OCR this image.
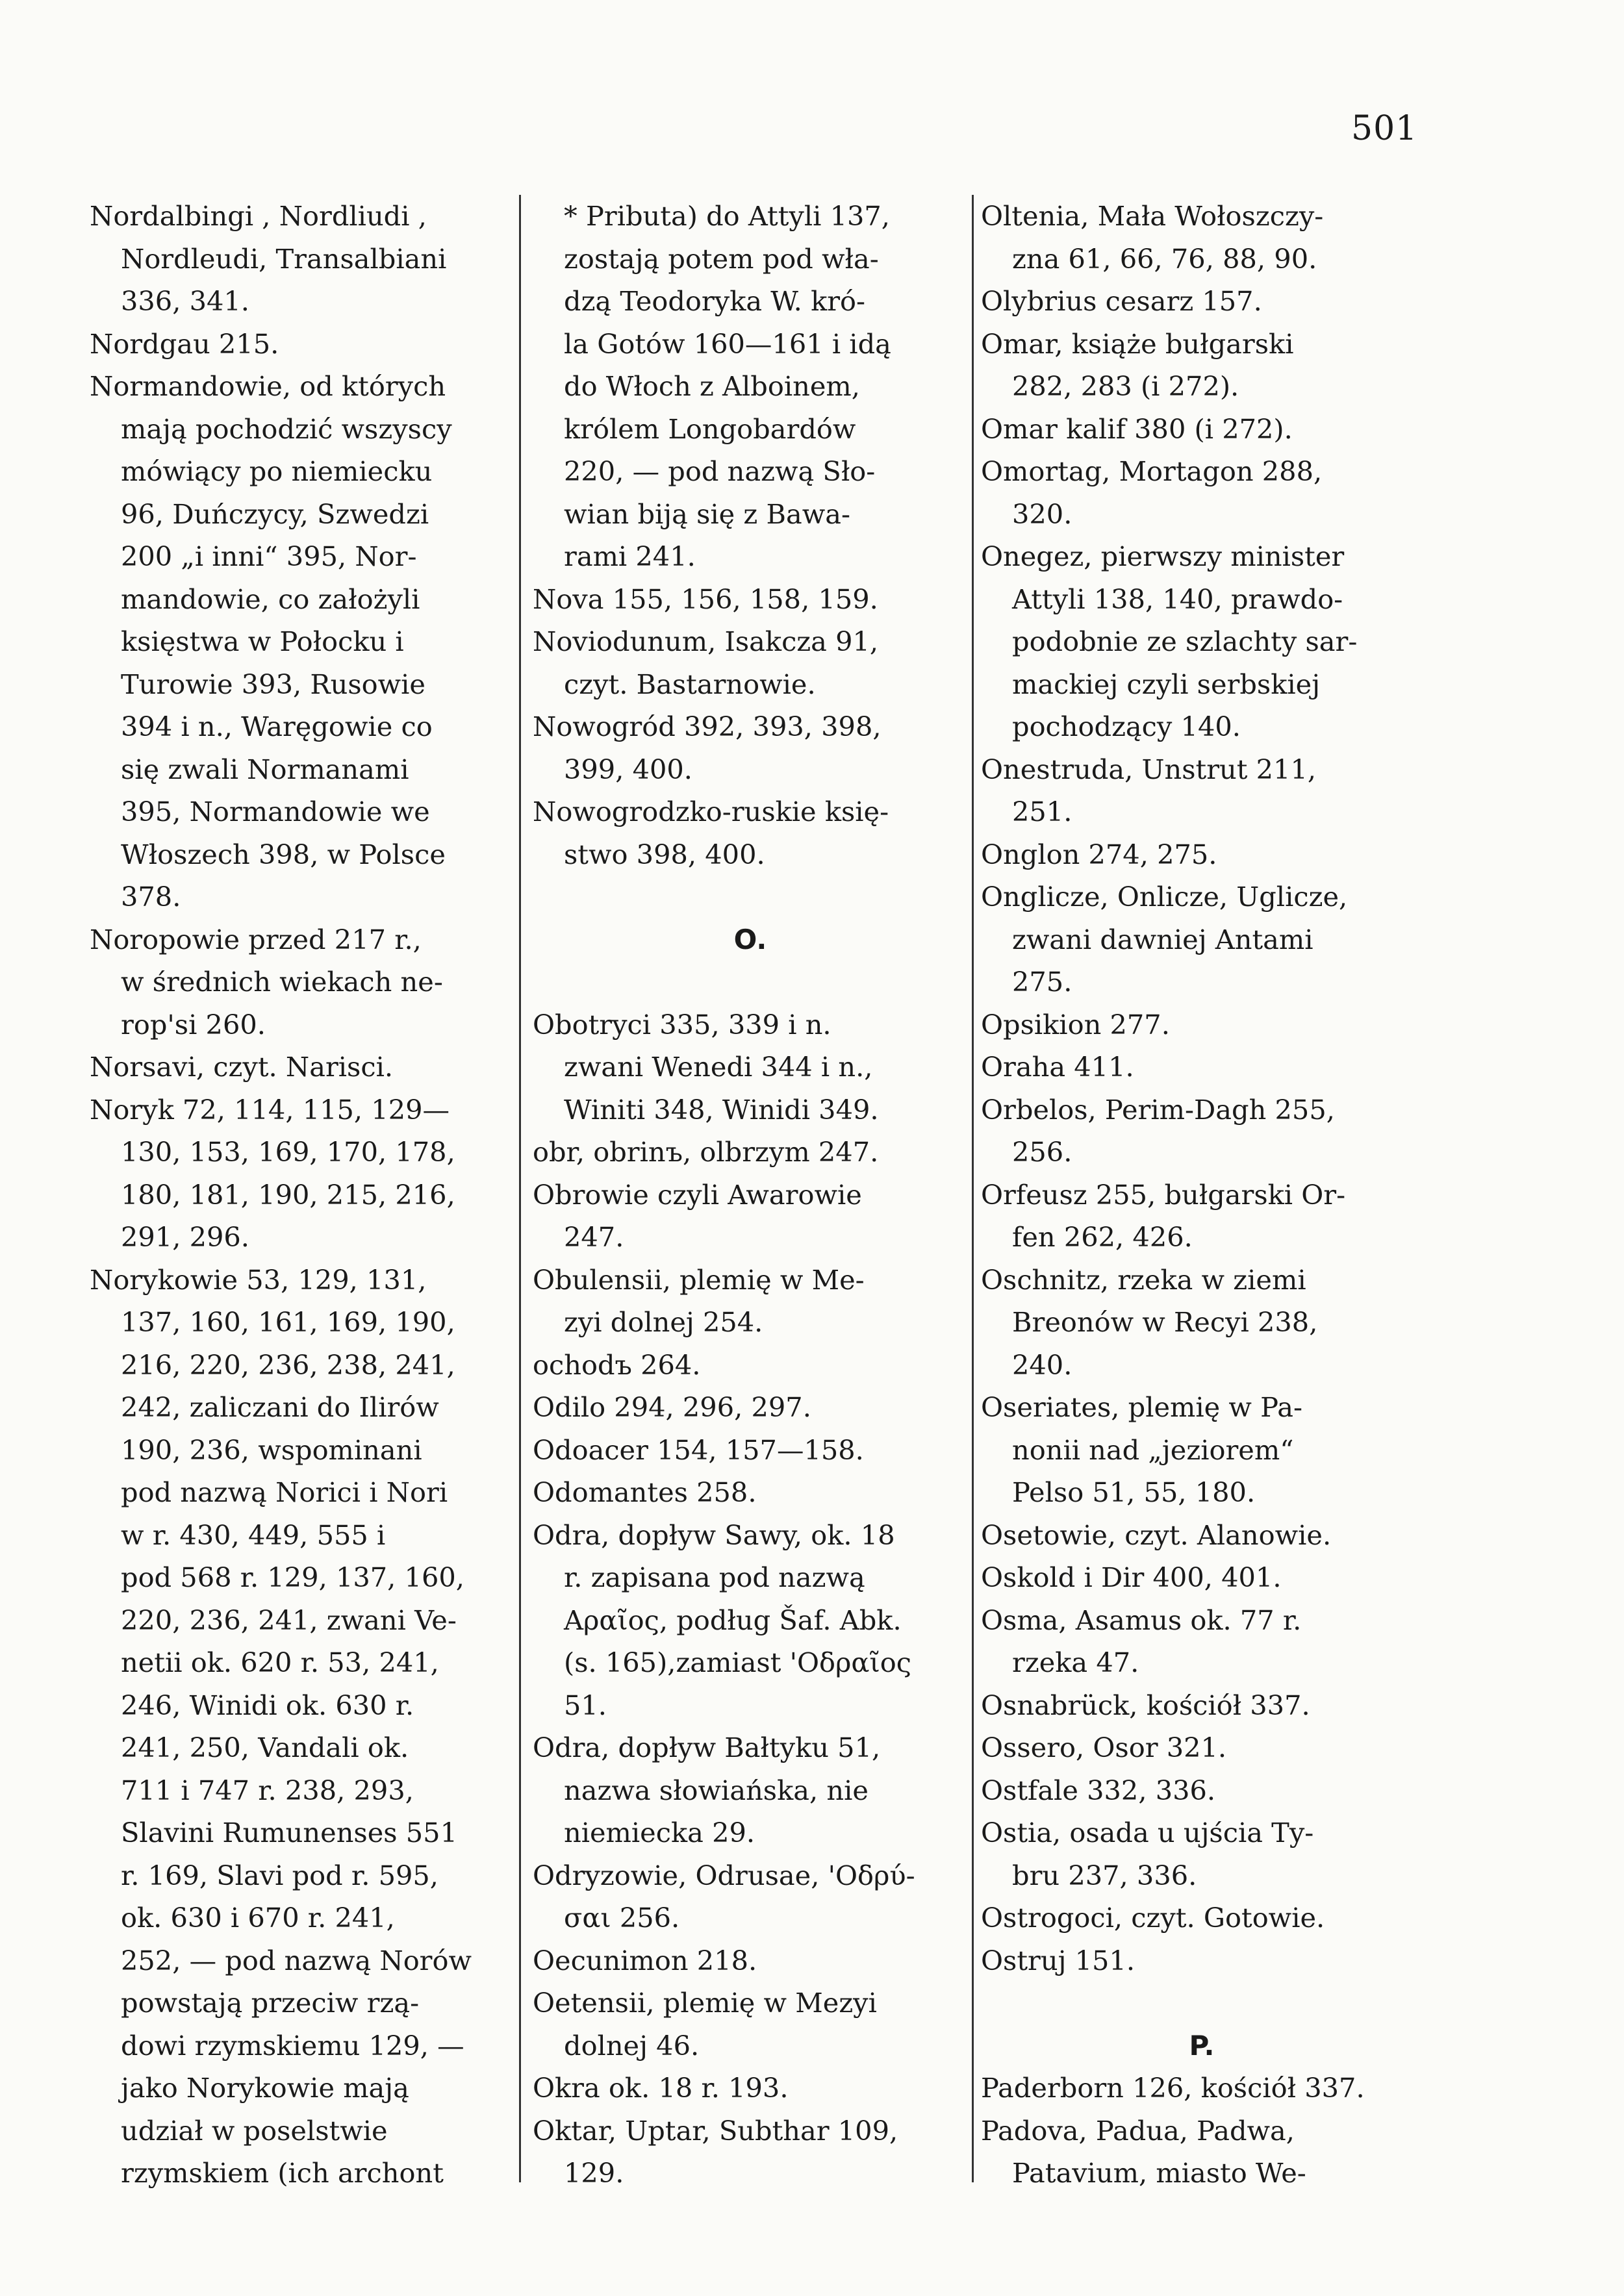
501
Nordalbingi , Nordliudi ,
Nordleudi, Transalbiani
336, 341.
Nordgau 215.
Normandowie, od których
mają pochodzić wszyscy
mówiący po niemiecku
96, Duńczycy, Szwedzi
200 „i inni“ 395, Nor-
mandowie, co założyli
księstwa w Połocku i
Turowie 393, Rusowie
394 i n., Waręgowie co
się zwali Normanami
395, Normandowie we
Włoszech 398, w Polsce
378.
Noropowie przed 217 r.,
w średnich wiekach ne-
rop'si 260.
Norsavi, czyt. Narisci.
Noryk 72, 114, 115, 129—
130, 153, 169, 170, 178,
180, 181, 190, 215, 216,
291, 296.
Norykowie 53, 129, 131,
137, 160, 161, 169, 190,
216, 220, 236, 238, 241,
242, zaliczani do Ilirów
190, 236, wspominani
pod nazwą Norici i Nori
w r. 430, 449, 555 i
pod 568 r. 129, 137, 160,
220, 236, 241, zwani Ve-
netii ok. 620 r. 53, 241,
246, Winidi ok. 630 r.
241, 250, Vandali ok.
711 i 747 r. 238, 293,
Slavini Rumunenses 551
r. 169, Slavi pod r. 595,
ok. 630 i 670 r. 241,
252, — pod nazwą Norów
powstają przeciw rzą-
dowi rzymskiemu 129, —
jako Norykowie mają
udział w poselstwie
rzymskiem (ich archont
* Pributa) do Attyli 137,
zostają potem pod wła-
dzą Teodoryka W. kró-
la Gotów 160—161 i idą
do Włoch z Alboinem,
królem Longobardów
220, — pod nazwą Sło-
wian biją się z Bawa-
rami 241.
Nova 155, 156, 158, 159.
Noviodunum, Isakcza 91,
czyt. Bastarnowie.
Nowogród 392, 393, 398,
399, 400.
Nowogrodzko-ruskie księ-
stwo 398, 400.
O.
Obotryci 335, 339 i n.
zwani Wenedi 344 i n.,
Winiti 348, Winidi 349.
obr, obrinъ, olbrzym 247.
Obrowie czyli Awarowie
247.
Obulensii, plemię w Me-
zyi dolnej 254.
ochodъ 264.
Odilo 294, 296, 297.
Odoacer 154, 157—158.
Odomantes 258.
Odra, dopływ Sawy, ok. 18
r. zapisana pod nazwą
Αραῖος, podług Šaf. Abk.
(s. 165),zamiast 'Οδραῖος
51.
Odra, dopływ Bałtyku 51,
nazwa słowiańska, nie
niemiecka 29.
Odryzowie, Odrusae, 'Οδρύ-
σαι 256.
Oecunimon 218.
Oetensii, plemię w Mezyi
dolnej 46.
Okra ok. 18 r. 193.
Oktar, Uptar, Subthar 109,
129.
Oltenia, Mała Wołoszczy-
zna 61, 66, 76, 88, 90.
Olybrius cesarz 157.
Omar, książe bułgarski
282, 283 (i 272).
Omar kalif 380 (i 272).
Omortag, Mortagon 288,
320.
Onegez, pierwszy minister
Attyli 138, 140, prawdo-
podobnie ze szlachty sar-
mackiej czyli serbskiej
pochodzący 140.
Onestruda, Unstrut 211,
251.
Onglon 274, 275.
Onglicze, Onlicze, Uglicze,
zwani dawniej Antami
275.
Opsikion 277.
Oraha 411.
Orbelos, Perim-Dagh 255,
256.
Orfeusz 255, bułgarski Or-
fen 262, 426.
Oschnitz, rzeka w ziemi
Breonów w Recyi 238,
240.
Oseriates, plemię w Pa-
nonii nad „jeziorem“
Pelso 51, 55, 180.
Osetowie, czyt. Alanowie.
Oskold i Dir 400, 401.
Osma, Asamus ok. 77 r.
rzeka 47.
Osnabrück, kościół 337.
Ossero, Osor 321.
Ostfale 332, 336.
Ostia, osada u ujścia Ty-
bru 237, 336.
Ostrogoci, czyt. Gotowie.
Ostruj 151.
P.
Paderborn 126, kościół 337.
Padova, Padua, Padwa,
Patavium, miasto We-
